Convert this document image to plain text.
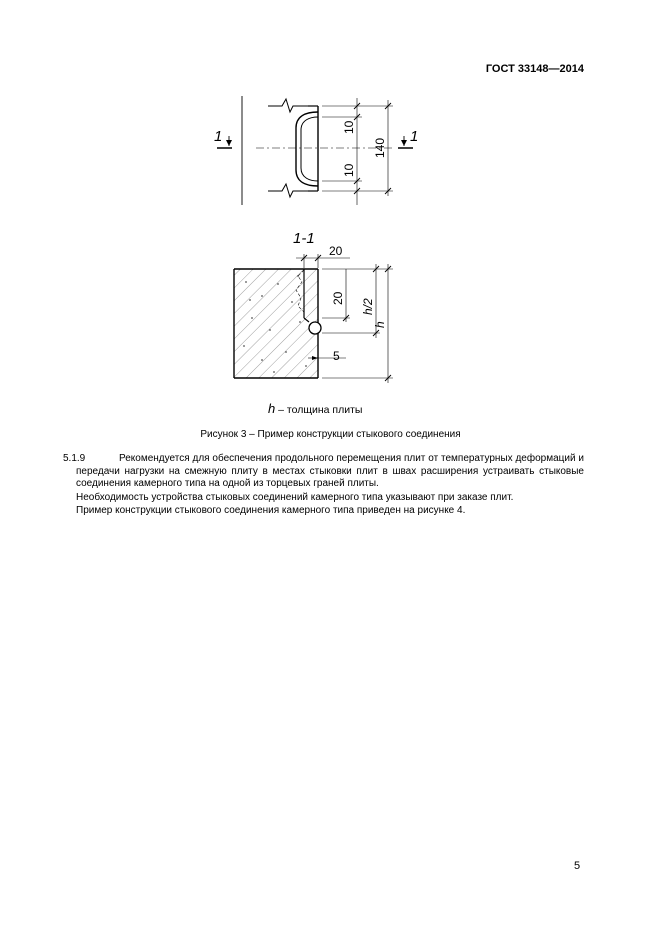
ГОСТ 33148—2014
1	1
10
10
140
1-1
20
20 h/2
h
5
h – толщина плиты
Рисунок 3 – Пример конструкции стыкового соединения
5.1.9	Рекомендуется для обеспечения продольного перемещения плит от температурных деформаций и передачи нагрузки на смежную плиту в местах стыковки плит в швах расширения устраивать стыковые соединения камерного типа на одной из торцевых граней плиты.
Необходимость устройства стыковых соединений камерного типа указывают при заказе плит.
Пример конструкции стыкового соединения камерного типа приведен на рисунке 4.
5
